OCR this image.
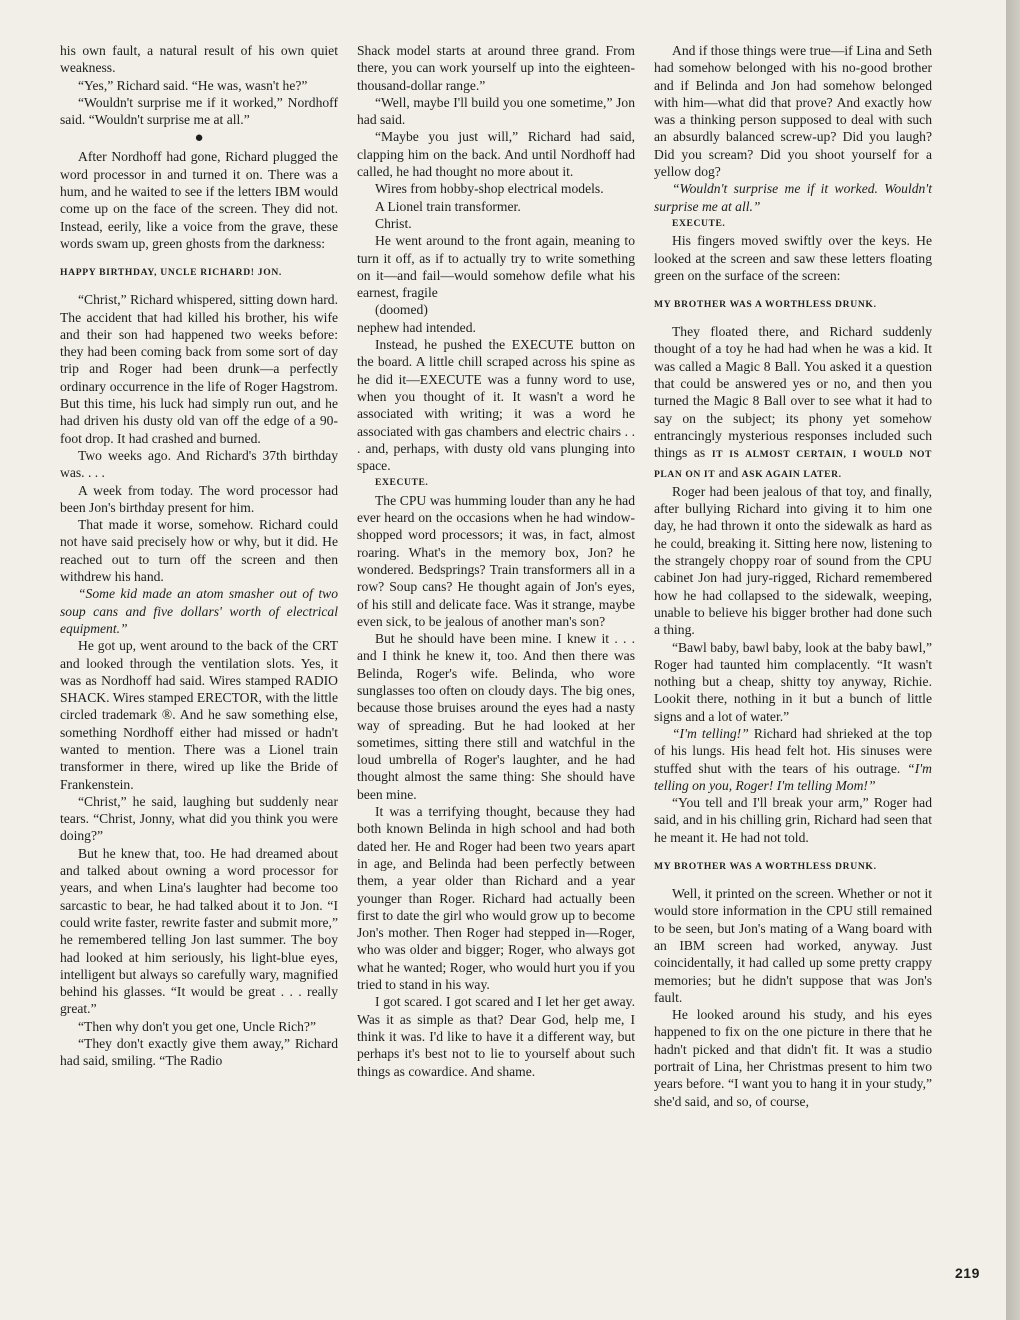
his own fault, a natural result of his own quiet weakness.

“Yes,” Richard said. “He was, wasn't he?”

“Wouldn't surprise me if it worked,” Nordhoff said. “Wouldn't surprise me at all.”

●

After Nordhoff had gone, Richard plugged the word processor in and turned it on. There was a hum, and he waited to see if the letters IBM would come up on the face of the screen. They did not. Instead, eerily, like a voice from the grave, these words swam up, green ghosts from the darkness:

HAPPY BIRTHDAY, UNCLE RICHARD! JON.

“Christ,” Richard whispered, sitting down hard. The accident that had killed his brother, his wife and their son had happened two weeks before: they had been coming back from some sort of day trip and Roger had been drunk—a perfectly ordinary occurrence in the life of Roger Hagstrom. But this time, his luck had simply run out, and he had driven his dusty old van off the edge of a 90-foot drop. It had crashed and burned.

Two weeks ago. And Richard's 37th birthday was. . . .

A week from today. The word processor had been Jon's birthday present for him.

That made it worse, somehow. Richard could not have said precisely how or why, but it did. He reached out to turn off the screen and then withdrew his hand.

“Some kid made an atom smasher out of two soup cans and five dollars' worth of electrical equipment.”

He got up, went around to the back of the CRT and looked through the ventilation slots. Yes, it was as Nordhoff had said. Wires stamped RADIO SHACK. Wires stamped ERECTOR, with the little circled trademark ®. And he saw something else, something Nordhoff either had missed or hadn't wanted to mention. There was a Lionel train transformer in there, wired up like the Bride of Frankenstein.

“Christ,” he said, laughing but suddenly near tears. “Christ, Jonny, what did you think you were doing?”

But he knew that, too. He had dreamed about and talked about owning a word processor for years, and when Lina's laughter had become too sarcastic to bear, he had talked about it to Jon. “I could write faster, rewrite faster and submit more,” he remembered telling Jon last summer. The boy had looked at him seriously, his light-blue eyes, intelligent but always so carefully wary, magnified behind his glasses. “It would be great . . . really great.”

“Then why don't you get one, Uncle Rich?”

“They don't exactly give them away,” Richard had said, smiling. “The Radio

Shack model starts at around three grand. From there, you can work yourself up into the eighteen-thousand-dollar range.”

“Well, maybe I'll build you one sometime,” Jon had said.

“Maybe you just will,” Richard had said, clapping him on the back. And until Nordhoff had called, he had thought no more about it.

Wires from hobby-shop electrical models.

A Lionel train transformer.

Christ.

He went around to the front again, meaning to turn it off, as if to actually try to write something on it—and fail—would somehow defile what his earnest, fragile

(doomed)

nephew had intended.

Instead, he pushed the EXECUTE button on the board. A little chill scraped across his spine as he did it—EXECUTE was a funny word to use, when you thought of it. It wasn't a word he associated with writing; it was a word he associated with gas chambers and electric chairs . . . and, perhaps, with dusty old vans plunging into space.

EXECUTE.

The CPU was humming louder than any he had ever heard on the occasions when he had window-shopped word processors; it was, in fact, almost roaring. What's in the memory box, Jon? he wondered. Bedsprings? Train transformers all in a row? Soup cans? He thought again of Jon's eyes, of his still and delicate face. Was it strange, maybe even sick, to be jealous of another man's son?

But he should have been mine. I knew it . . . and I think he knew it, too. And then there was Belinda, Roger's wife. Belinda, who wore sunglasses too often on cloudy days. The big ones, because those bruises around the eyes had a nasty way of spreading. But he had looked at her sometimes, sitting there still and watchful in the loud umbrella of Roger's laughter, and he had thought almost the same thing: She should have been mine.

It was a terrifying thought, because they had both known Belinda in high school and had both dated her. He and Roger had been two years apart in age, and Belinda had been perfectly between them, a year older than Richard and a year younger than Roger. Richard had actually been first to date the girl who would grow up to become Jon's mother. Then Roger had stepped in—Roger, who was older and bigger; Roger, who always got what he wanted; Roger, who would hurt you if you tried to stand in his way.

I got scared. I got scared and I let her get away. Was it as simple as that? Dear God, help me, I think it was. I'd like to have it a different way, but perhaps it's best not to lie to yourself about such things as cowardice. And shame.

And if those things were true—if Lina and Seth had somehow belonged with his no-good brother and if Belinda and Jon had somehow belonged with him—what did that prove? And exactly how was a thinking person supposed to deal with such an absurdly balanced screw-up? Did you laugh? Did you scream? Did you shoot yourself for a yellow dog?

“Wouldn't surprise me if it worked. Wouldn't surprise me at all.”

EXECUTE.

His fingers moved swiftly over the keys. He looked at the screen and saw these letters floating green on the surface of the screen:

MY BROTHER WAS A WORTHLESS DRUNK.

They floated there, and Richard suddenly thought of a toy he had had when he was a kid. It was called a Magic 8 Ball. You asked it a question that could be answered yes or no, and then you turned the Magic 8 Ball over to see what it had to say on the subject; its phony yet somehow entrancingly mysterious responses included such things as IT IS ALMOST CERTAIN, I WOULD NOT PLAN ON IT and ASK AGAIN LATER.

Roger had been jealous of that toy, and finally, after bullying Richard into giving it to him one day, he had thrown it onto the sidewalk as hard as he could, breaking it. Sitting here now, listening to the strangely choppy roar of sound from the CPU cabinet Jon had jury-rigged, Richard remembered how he had collapsed to the sidewalk, weeping, unable to believe his bigger brother had done such a thing.

“Bawl baby, bawl baby, look at the baby bawl,” Roger had taunted him complacently. “It wasn't nothing but a cheap, shitty toy anyway, Richie. Lookit there, nothing in it but a bunch of little signs and a lot of water.”

“I'm telling!” Richard had shrieked at the top of his lungs. His head felt hot. His sinuses were stuffed shut with the tears of his outrage. “I'm telling on you, Roger! I'm telling Mom!”

“You tell and I'll break your arm,” Roger had said, and in his chilling grin, Richard had seen that he meant it. He had not told.

MY BROTHER WAS A WORTHLESS DRUNK.

Well, it printed on the screen. Whether or not it would store information in the CPU still remained to be seen, but Jon's mating of a Wang board with an IBM screen had worked, anyway. Just coincidentally, it had called up some pretty crappy memories; but he didn't suppose that was Jon's fault.

He looked around his study, and his eyes happened to fix on the one picture in there that he hadn't picked and that didn't fit. It was a studio portrait of Lina, her Christmas present to him two years before. “I want you to hang it in your study,” she'd said, and so, of course,

219
